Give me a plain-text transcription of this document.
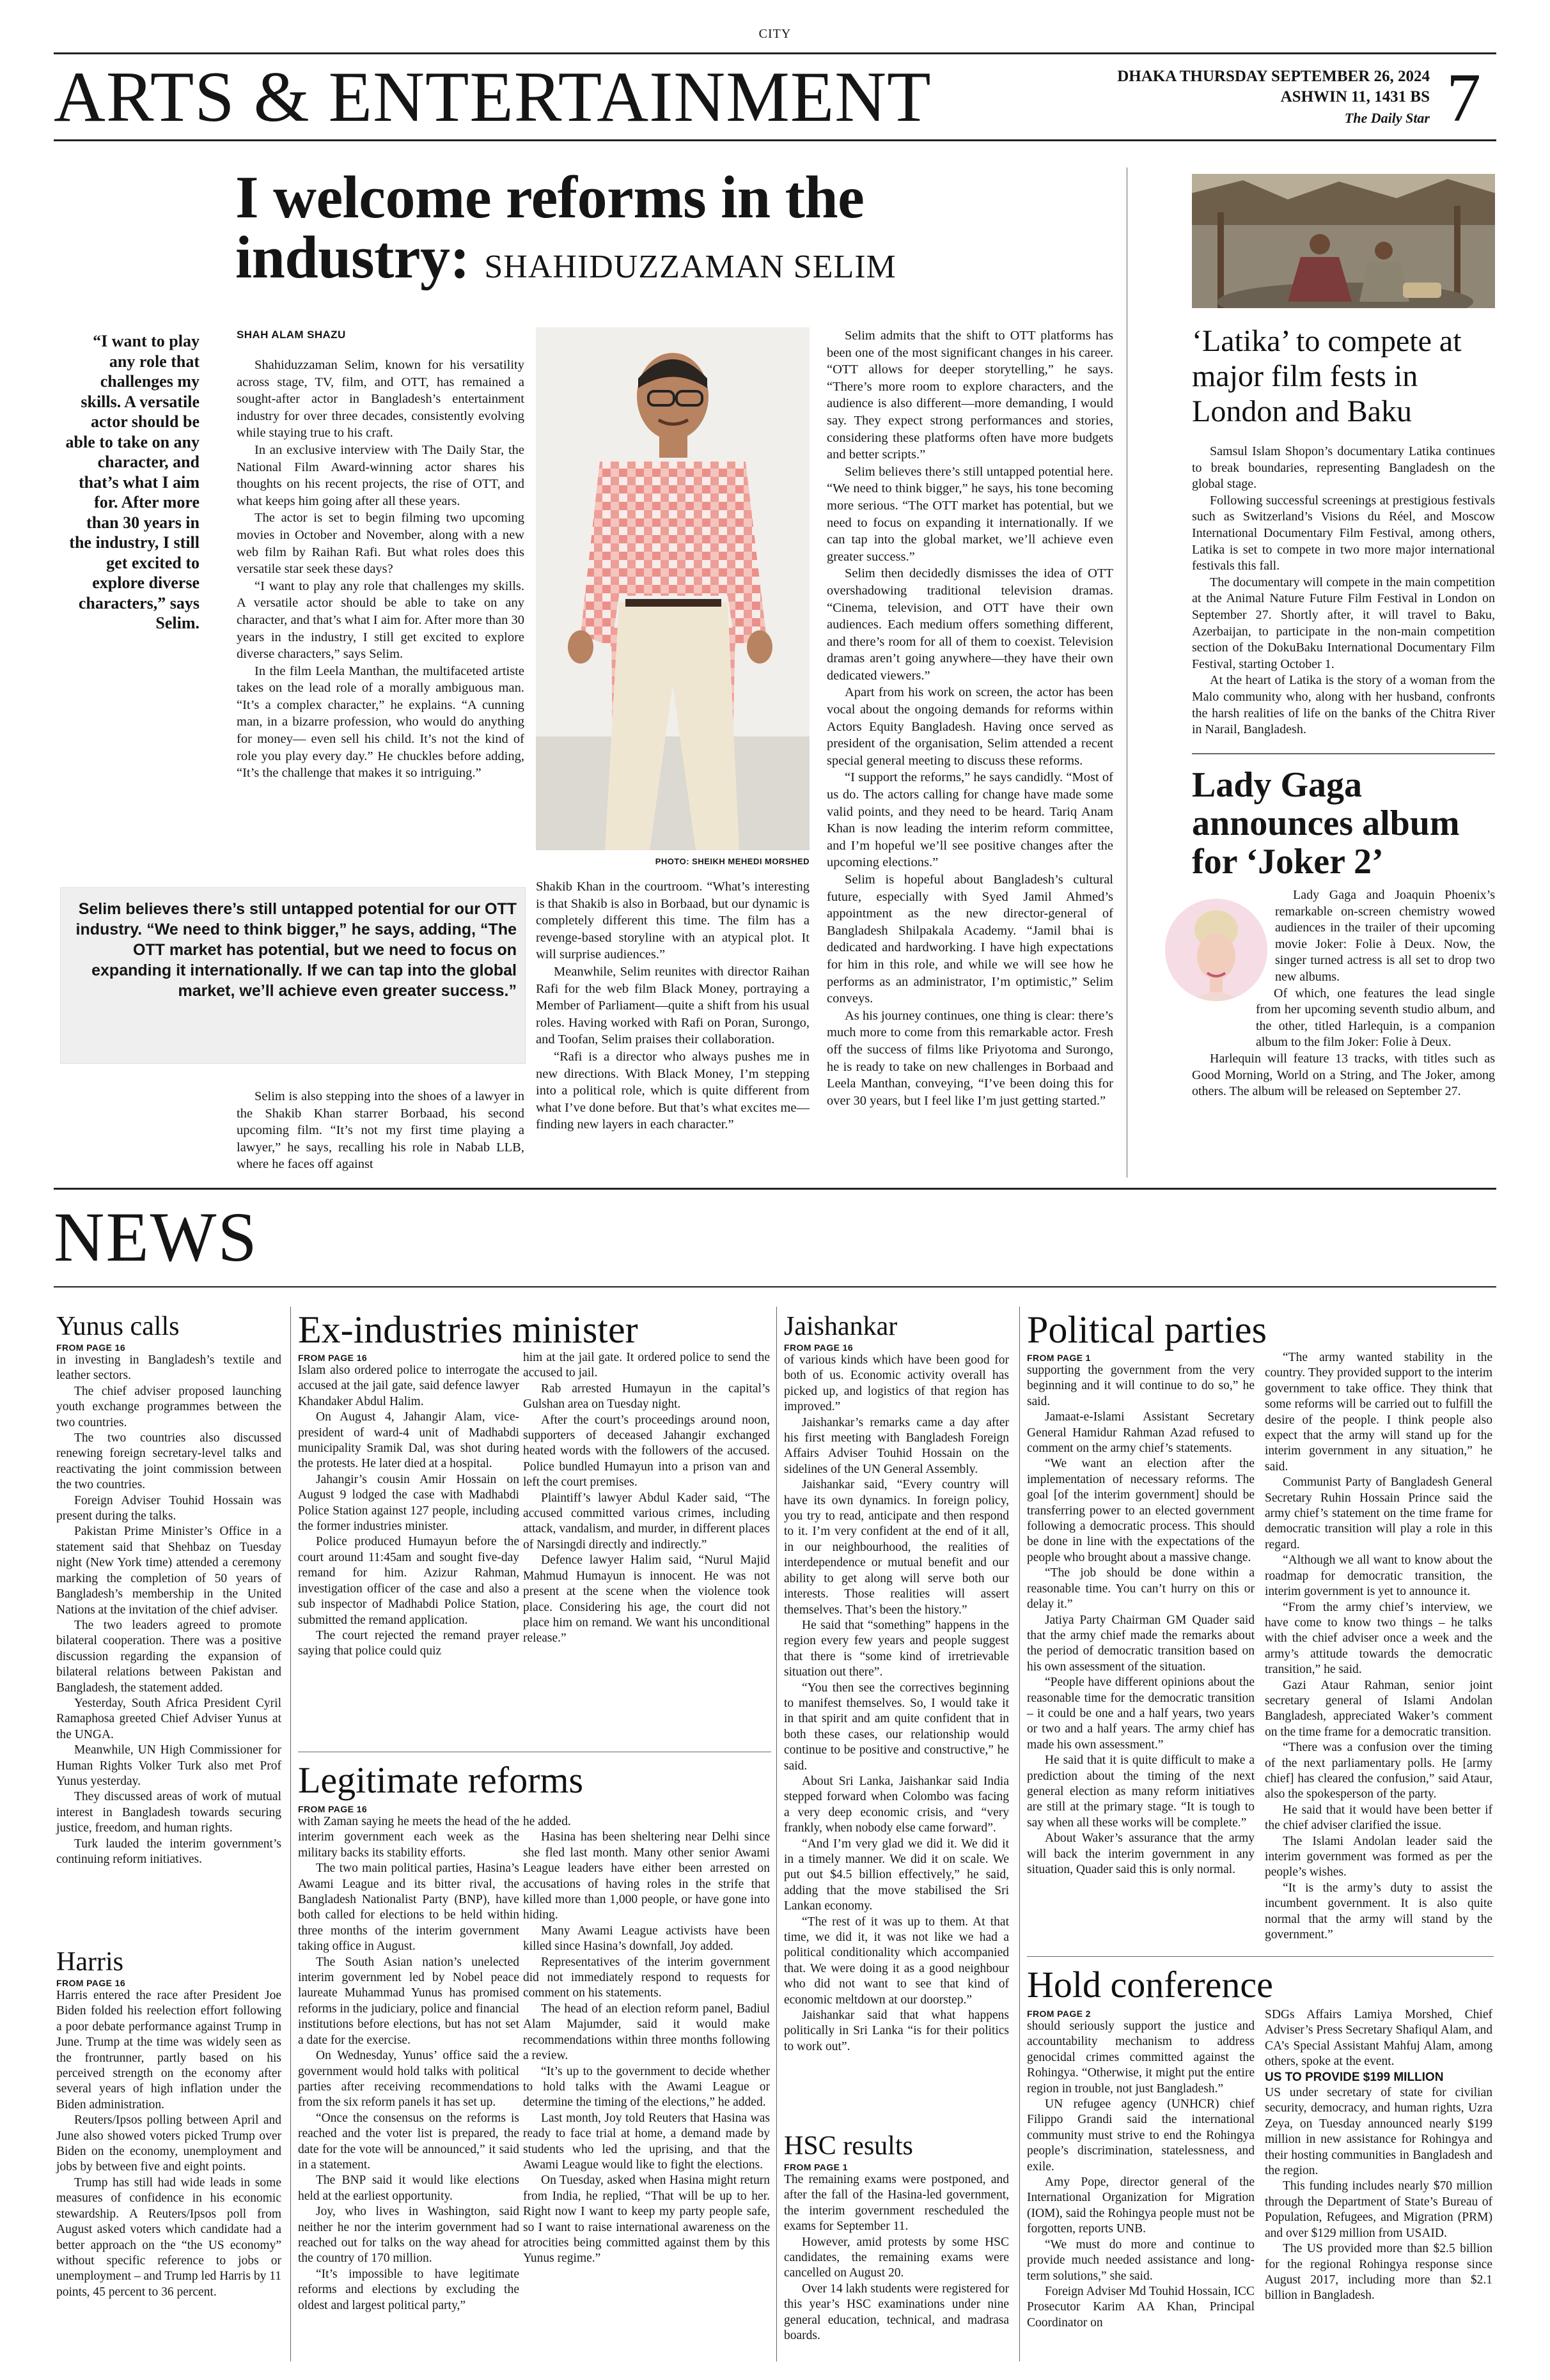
CITY
ARTS & ENTERTAINMENT	DHAKA THURSDAY SEPTEMBER 26, 2024
ASHWIN 11, 1431 BS
The Daily Star 7
I welcome reforms in the industry: SHAHIDUZZAMAN SELIM
“I want to play any role that challenges my skills. A versatile actor should be able to take on any character, and that’s what I aim for. After more than 30 years in the industry, I still get excited to explore diverse characters,” says Selim.
SHAH ALAM SHAZU

Shahiduzzaman Selim, known for his versatility across stage, TV, film, and OTT, has remained a sought-after actor in Bangladesh’s entertainment industry for over three decades, consistently evolving while staying true to his craft.

In an exclusive interview with The Daily Star, the National Film Award-winning actor shares his thoughts on his recent projects, the rise of OTT, and what keeps him going after all these years.

The actor is set to begin filming two upcoming movies in October and November, along with a new web film by Raihan Rafi. But what roles does this versatile star seek these days?

“I want to play any role that challenges my skills. A versatile actor should be able to take on any character, and that’s what I aim for. After more than 30 years in the industry, I still get excited to explore diverse characters,” says Selim.

In the film Leela Manthan, the multifaceted artiste takes on the lead role of a morally ambiguous man. “It’s a complex character,” he explains. “A cunning man, in a bizarre profession, who would do anything for money— even sell his child. It’s not the kind of role you play every day.” He chuckles before adding, “It’s the challenge that makes it so intriguing.”

PHOTO: SHEIKH MEHEDI MORSHED

Selim admits that the shift to OTT platforms has been one of the most significant changes in his career. “OTT allows for deeper storytelling,” he says. “There’s more room to explore characters, and the audience is also different—more demanding, I would say. They expect strong performances and stories, considering these platforms often have more budgets and better scripts.”

Selim believes there’s still untapped potential here. “We need to think bigger,” he says, his tone becoming more serious. “The OTT market has potential, but we need to focus on expanding it internationally. If we can tap into the global market, we’ll achieve even greater success.”

Selim then decidedly dismisses the idea of OTT overshadowing traditional television dramas. “Cinema, television, and OTT have their own audiences. Each medium offers something different, and there’s room for all of them to coexist. Television dramas aren’t going anywhere—they have their own dedicated viewers.”

Apart from his work on screen, the actor has been vocal about the ongoing demands for reforms within Actors Equity Bangladesh. Having once served as president of the organisation, Selim attended a recent special general meeting to discuss these reforms.

“I support the reforms,” he says candidly. “Most of us do. The actors calling for change have made some valid points, and they need to be heard. Tariq Anam Khan is now leading the interim reform committee, and I’m hopeful we’ll see positive changes after the upcoming elections.”

Selim is hopeful about Bangladesh’s cultural future, especially with Syed Jamil Ahmed’s appointment as the new director-general of Bangladesh Shilpakala Academy. “Jamil bhai is dedicated and hardworking. I have high expectations for him in this role, and while we will see how he performs as an administrator, I’m optimistic,” Selim conveys.

As his journey continues, one thing is clear: there’s much more to come from this remarkable actor. Fresh off the success of films like Priyotoma and Surongo, he is ready to take on new challenges in Borbaad and Leela Manthan, conveying, “I’ve been doing this for over 30 years, but I feel like I’m just getting started.”

Selim believes there’s still untapped potential for our OTT industry. “We need to think bigger,” he says, adding, “The OTT market has potential, but we need to focus on expanding it internationally. If we can tap into the global market, we’ll achieve even greater success.”

Selim is also stepping into the shoes of a lawyer in the Shakib Khan starrer Borbaad, his second upcoming film. “It’s not my first time playing a lawyer,” he says, recalling his role in Nabab LLB, where he faces off against

Shakib Khan in the courtroom. “What’s interesting is that Shakib is also in Borbaad, but our dynamic is completely different this time. The film has a revenge-based storyline with an atypical plot. It will surprise audiences.”

Meanwhile, Selim reunites with director Raihan Rafi for the web film Black Money, portraying a Member of Parliament—quite a shift from his usual roles. Having worked with Rafi on Poran, Surongo, and Toofan, Selim praises their collaboration.

“Rafi is a director who always pushes me in new directions. With Black Money, I’m stepping into a political role, which is quite different from what I’ve done before. But that’s what excites me—finding new layers in each character.”

‘Latika’ to compete at major film fests in London and Baku

Samsul Islam Shopon’s documentary Latika continues to break boundaries, representing Bangladesh on the global stage.

Following successful screenings at prestigious festivals such as Switzerland’s Visions du Réel, and Moscow International Documentary Film Festival, among others, Latika is set to compete in two more major international festivals this fall.

The documentary will compete in the main competition at the Animal Nature Future Film Festival in London on September 27. Shortly after, it will travel to Baku, Azerbaijan, to participate in the non-main competition section of the DokuBaku International Documentary Film Festival, starting October 1.

At the heart of Latika is the story of a woman from the Malo community who, along with her husband, confronts the harsh realities of life on the banks of the Chitra River in Narail, Bangladesh.

Lady Gaga announces album for ‘Joker 2’

Lady Gaga and Joaquin Phoenix’s remarkable on-screen chemistry wowed audiences in the trailer of their upcoming movie Joker: Folie à Deux. Now, the singer turned actress is all set to drop two new albums.

Of which, one features the lead single from her upcoming seventh studio album, and the other, titled Harlequin, is a companion album to the film Joker: Folie à Deux.

Harlequin will feature 13 tracks, with titles such as Good Morning, World on a String, and The Joker, among others. The album will be released on September 27.

NEWS
Yunus calls
FROM PAGE 16

in investing in Bangladesh’s textile and leather sectors.

The chief adviser proposed launching youth exchange programmes between the two countries.

The two countries also discussed renewing foreign secretary-level talks and reactivating the joint commission between the two countries.

Foreign Adviser Touhid Hossain was present during the talks.

Pakistan Prime Minister’s Office in a statement said that Shehbaz on Tuesday night (New York time) attended a ceremony marking the completion of 50 years of Bangladesh’s membership in the United Nations at the invitation of the chief adviser.

The two leaders agreed to promote bilateral cooperation. There was a positive discussion regarding the expansion of bilateral relations between Pakistan and Bangladesh, the statement added.

Yesterday, South Africa President Cyril Ramaphosa greeted Chief Adviser Yunus at the UNGA.

Meanwhile, UN High Commissioner for Human Rights Volker Turk also met Prof Yunus yesterday.

They discussed areas of work of mutual interest in Bangladesh towards securing justice, freedom, and human rights.

Turk lauded the interim government’s continuing reform initiatives.

Harris
FROM PAGE 16

Harris entered the race after President Joe Biden folded his reelection effort following a poor debate performance against Trump in June. Trump at the time was widely seen as the frontrunner, partly based on his perceived strength on the economy after several years of high inflation under the Biden administration.

Reuters/Ipsos polling between April and June also showed voters picked Trump over Biden on the economy, unemployment and jobs by between five and eight points.

Trump has still had wide leads in some measures of confidence in his economic stewardship. A Reuters/Ipsos poll from August asked voters which candidate had a better approach on the “the US economy” without specific reference to jobs or unemployment – and Trump led Harris by 11 points, 45 percent to 36 percent.

Ex-industries minister
FROM PAGE 16

Islam also ordered police to interrogate the accused at the jail gate, said defence lawyer Khandaker Abdul Halim.

On August 4, Jahangir Alam, vice-president of ward-4 unit of Madhabdi municipality Sramik Dal, was shot during the protests. He later died at a hospital.

Jahangir’s cousin Amir Hossain on August 9 lodged the case with Madhabdi Police Station against 127 people, including the former industries minister.

Police produced Humayun before the court around 11:45am and sought five-day remand for him. Azizur Rahman, investigation officer of the case and also a sub inspector of Madhabdi Police Station, submitted the remand application.

The court rejected the remand prayer saying that police could quiz

him at the jail gate. It ordered police to send the accused to jail.

Rab arrested Humayun in the capital’s Gulshan area on Tuesday night.

After the court’s proceedings around noon, supporters of deceased Jahangir exchanged heated words with the followers of the accused. Police bundled Humayun into a prison van and left the court premises.

Plaintiff’s lawyer Abdul Kader said, “The accused committed various crimes, including attack, vandalism, and murder, in different places of Narsingdi directly and indirectly.”

Defence lawyer Halim said, “Nurul Majid Mahmud Humayun is innocent. He was not present at the scene when the violence took place. Considering his age, the court did not place him on remand. We want his unconditional release.”

Legitimate reforms
FROM PAGE 16

with Zaman saying he meets the head of the interim government each week as the military backs its stability efforts.

The two main political parties, Hasina’s Awami League and its bitter rival, the Bangladesh Nationalist Party (BNP), have both called for elections to be held within three months of the interim government taking office in August.

The South Asian nation’s unelected interim government led by Nobel peace laureate Muhammad Yunus has promised reforms in the judiciary, police and financial institutions before elections, but has not set a date for the exercise.

On Wednesday, Yunus’ office said the government would hold talks with political parties after receiving recommendations from the six reform panels it has set up.

“Once the consensus on the reforms is reached and the voter list is prepared, the date for the vote will be announced,” it said in a statement.

The BNP said it would like elections held at the earliest opportunity.

Joy, who lives in Washington, said neither he nor the interim government had reached out for talks on the way ahead for the country of 170 million.

“It’s impossible to have legitimate reforms and elections by excluding the oldest and largest political party,”

he added.

Hasina has been sheltering near Delhi since she fled last month. Many other senior Awami League leaders have either been arrested on accusations of having roles in the strife that killed more than 1,000 people, or have gone into hiding.

Many Awami League activists have been killed since Hasina’s downfall, Joy added.

Representatives of the interim government did not immediately respond to requests for comment on his statements.

The head of an election reform panel, Badiul Alam Majumder, said it would make recommendations within three months following a review.

“It’s up to the government to decide whether to hold talks with the Awami League or determine the timing of the elections,” he added.

Last month, Joy told Reuters that Hasina was ready to face trial at home, a demand made by students who led the uprising, and that the Awami League would like to fight the elections.

On Tuesday, asked when Hasina might return from India, he replied, “That will be up to her. Right now I want to keep my party people safe, so I want to raise international awareness on the atrocities being committed against them by this Yunus regime.”

Jaishankar
FROM PAGE 16

of various kinds which have been good for both of us. Economic activity overall has picked up, and logistics of that region has improved.”

Jaishankar’s remarks came a day after his first meeting with Bangladesh Foreign Affairs Adviser Touhid Hossain on the sidelines of the UN General Assembly.

Jaishankar said, “Every country will have its own dynamics. In foreign policy, you try to read, anticipate and then respond to it. I’m very confident at the end of it all, in our neighbourhood, the realities of interdependence or mutual benefit and our ability to get along will serve both our interests. Those realities will assert themselves. That’s been the history.”

He said that “something” happens in the region every few years and people suggest that there is “some kind of irretrievable situation out there”.

“You then see the correctives beginning to manifest themselves. So, I would take it in that spirit and am quite confident that in both these cases, our relationship would continue to be positive and constructive,” he said.

About Sri Lanka, Jaishankar said India stepped forward when Colombo was facing a very deep economic crisis, and “very frankly, when nobody else came forward”.

“And I’m very glad we did it. We did it in a timely manner. We did it on scale. We put out $4.5 billion effectively,” he said, adding that the move stabilised the Sri Lankan economy.

“The rest of it was up to them. At that time, we did it, it was not like we had a political conditionality which accompanied that. We were doing it as a good neighbour who did not want to see that kind of economic meltdown at our doorstep.”

Jaishankar said that what happens politically in Sri Lanka “is for their politics to work out”.

HSC results
FROM PAGE 1

The remaining exams were postponed, and after the fall of the Hasina-led government, the interim government rescheduled the exams for September 11.

However, amid protests by some HSC candidates, the remaining exams were cancelled on August 20.

Over 14 lakh students were registered for this year’s HSC examinations under nine general education, technical, and madrasa boards.

Political parties
FROM PAGE 1

supporting the government from the very beginning and it will continue to do so,” he said.

Jamaat-e-Islami Assistant Secretary General Hamidur Rahman Azad refused to comment on the army chief’s statements.

“We want an election after the implementation of necessary reforms. The goal [of the interim government] should be transferring power to an elected government following a democratic process. This should be done in line with the expectations of the people who brought about a massive change.

“The job should be done within a reasonable time. You can’t hurry on this or delay it.”

Jatiya Party Chairman GM Quader said that the army chief made the remarks about the period of democratic transition based on his own assessment of the situation.

“People have different opinions about the reasonable time for the democratic transition – it could be one and a half years, two years or two and a half years. The army chief has made his own assessment.”

He said that it is quite difficult to make a prediction about the timing of the next general election as many reform initiatives are still at the primary stage. “It is tough to say when all these works will be complete.”

About Waker’s assurance that the army will back the interim government in any situation, Quader said this is only normal.

“The army wanted stability in the country. They provided support to the interim government to take office. They think that some reforms will be carried out to fulfill the desire of the people. I think people also expect that the army will stand up for the interim government in any situation,” he said.

Communist Party of Bangladesh General Secretary Ruhin Hossain Prince said the army chief’s statement on the time frame for democratic transition will play a role in this regard.

“Although we all want to know about the roadmap for democratic transition, the interim government is yet to announce it.

“From the army chief’s interview, we have come to know two things – he talks with the chief adviser once a week and the army’s attitude towards the democratic transition,” he said.

Gazi Ataur Rahman, senior joint secretary general of Islami Andolan Bangladesh, appreciated Waker’s comment on the time frame for a democratic transition.

“There was a confusion over the timing of the next parliamentary polls. He [army chief] has cleared the confusion,” said Ataur, also the spokesperson of the party.

He said that it would have been better if the chief adviser clarified the issue.

The Islami Andolan leader said the interim government was formed as per the people’s wishes.

“It is the army’s duty to assist the incumbent government. It is also quite normal that the army will stand by the government.”

Hold conference
FROM PAGE 2

should seriously support the justice and accountability mechanism to address genocidal crimes committed against the Rohingya. “Otherwise, it might put the entire region in trouble, not just Bangladesh.”

UN refugee agency (UNHCR) chief Filippo Grandi said the international community must strive to end the Rohingya people’s discrimination, statelessness, and exile.

Amy Pope, director general of the International Organization for Migration (IOM), said the Rohingya people must not be forgotten, reports UNB.

“We must do more and continue to provide much needed assistance and long-term solutions,” she said.

Foreign Adviser Md Touhid Hossain, ICC Prosecutor Karim AA Khan, Principal Coordinator on

SDGs Affairs Lamiya Morshed, Chief Adviser’s Press Secretary Shafiqul Alam, and CA’s Special Assistant Mahfuj Alam, among others, spoke at the event.

US TO PROVIDE $199 MILLION

US under secretary of state for civilian security, democracy, and human rights, Uzra Zeya, on Tuesday announced nearly $199 million in new assistance for Rohingya and their hosting communities in Bangladesh and the region.

This funding includes nearly $70 million through the Department of State’s Bureau of Population, Refugees, and Migration (PRM) and over $129 million from USAID.

The US provided more than $2.5 billion for the regional Rohingya response since August 2017, including more than $2.1 billion in Bangladesh.
